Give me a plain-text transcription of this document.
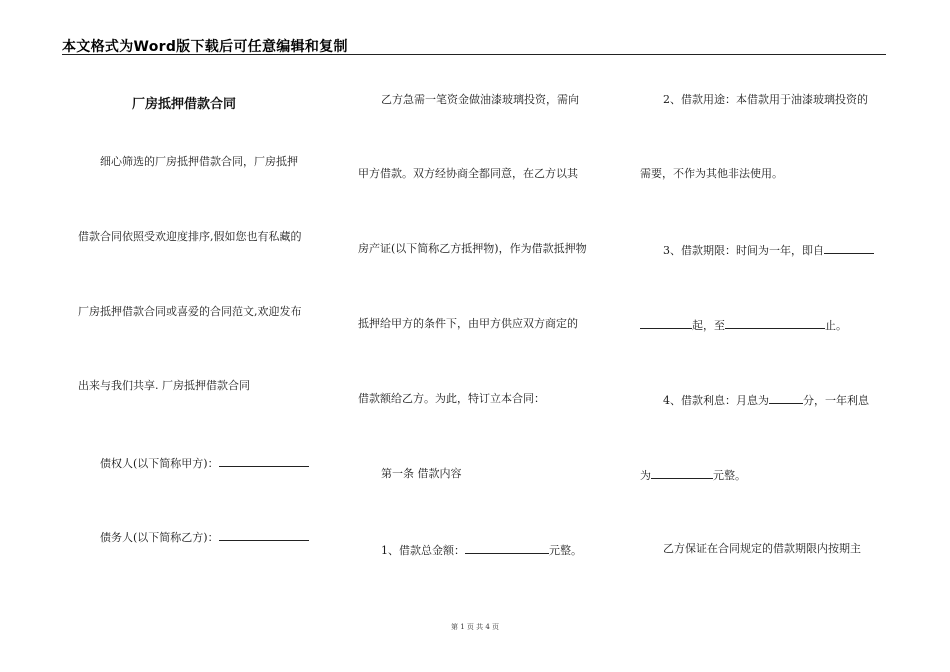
本文格式为Word版下载后可任意编辑和复制
厂房抵押借款合同
细心筛选的厂房抵押借款合同，厂房抵押
借款合同依照受欢迎度排序,假如您也有私藏的
厂房抵押借款合同或喜爱的合同范文,欢迎发布
出来与我们共享. 厂房抵押借款合同
债权人(以下简称甲方)：
债务人(以下简称乙方)：
乙方急需一笔资金做油漆玻璃投资，需向
甲方借款。双方经协商全都同意，在乙方以其
房产证(以下简称乙方抵押物)，作为借款抵押物
抵押给甲方的条件下，由甲方供应双方商定的
借款额给乙方。为此，特订立本合同：
第一条 借款内容
1、借款总金额：	元整。
2、借款用途：本借款用于油漆玻璃投资的
需要，不作为其他非法使用。
3、借款期限：时间为一年，即自
起，至	止。
4、借款利息：月息为	分，一年利息
为	元整。
乙方保证在合同规定的借款期限内按期主
第 1 页 共 4 页
